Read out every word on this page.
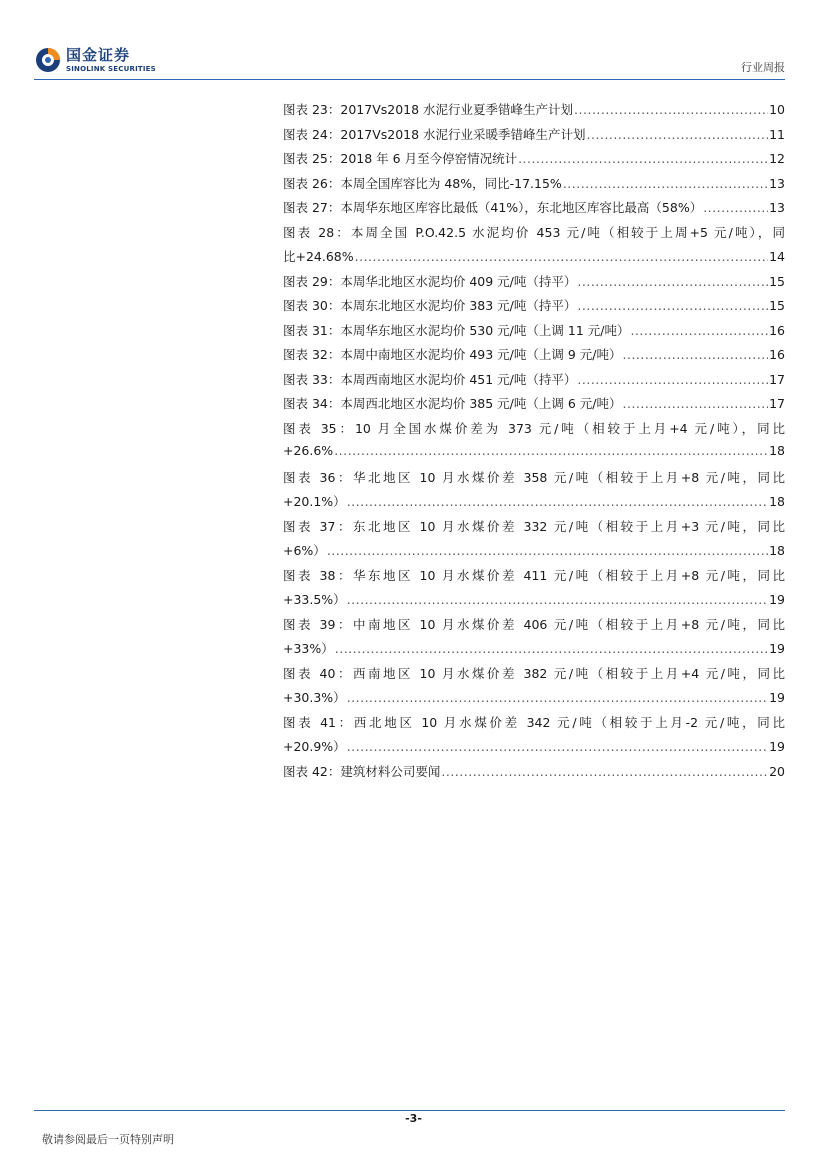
国金证券
SINOLINK SECURITIES	行业周报
图表 23：2017Vs2018 水泥行业夏季错峰生产计划 .....	10
图表 24：2017Vs2018 水泥行业采暖季错峰生产计划 .....	11
图表 25：2018 年 6 月至今停窑情况统计 .....	12
图表 26：本周全国库容比为 48%，同比-17.15% .....	13
图表 27：本周华东地区库容比最低（41%），东北地区库容比最高（58%） .....	13
图表 28：本周全国 P.O.42.5 水泥均价 453 元/吨（相较于上周+5 元/吨），同
比+24.68% .....	14
图表 29：本周华北地区水泥均价 409 元/吨（持平） .....	15
图表 30：本周东北地区水泥均价 383 元/吨（持平） .....	15
图表 31：本周华东地区水泥均价 530 元/吨（上调 11 元/吨） .....	16
图表 32：本周中南地区水泥均价 493 元/吨（上调 9 元/吨） .....	16
图表 33：本周西南地区水泥均价 451 元/吨（持平） .....	17
图表 34：本周西北地区水泥均价 385 元/吨（上调 6 元/吨） .....	17
图表 35：10 月全国水煤价差为 373 元/吨（相较于上月+4 元/吨），同比
+26.6% .....	18
图表 36：华北地区 10 月水煤价差 358 元/吨（相较于上月+8 元/吨，同比
+20.1%） .....	18
图表 37：东北地区 10 月水煤价差 332 元/吨（相较于上月+3 元/吨，同比
+6%） .....	18
图表 38：华东地区 10 月水煤价差 411 元/吨（相较于上月+8 元/吨，同比
+33.5%） .....	19
图表 39：中南地区 10 月水煤价差 406 元/吨（相较于上月+8 元/吨，同比
+33%） .....	19
图表 40：西南地区 10 月水煤价差 382 元/吨（相较于上月+4 元/吨，同比
+30.3%） .....	19
图表 41：西北地区 10 月水煤价差 342 元/吨（相较于上月-2 元/吨，同比
+20.9%） .....	19
图表 42：建筑材料公司要闻 .....	20
-3-
敬请参阅最后一页特别声明
